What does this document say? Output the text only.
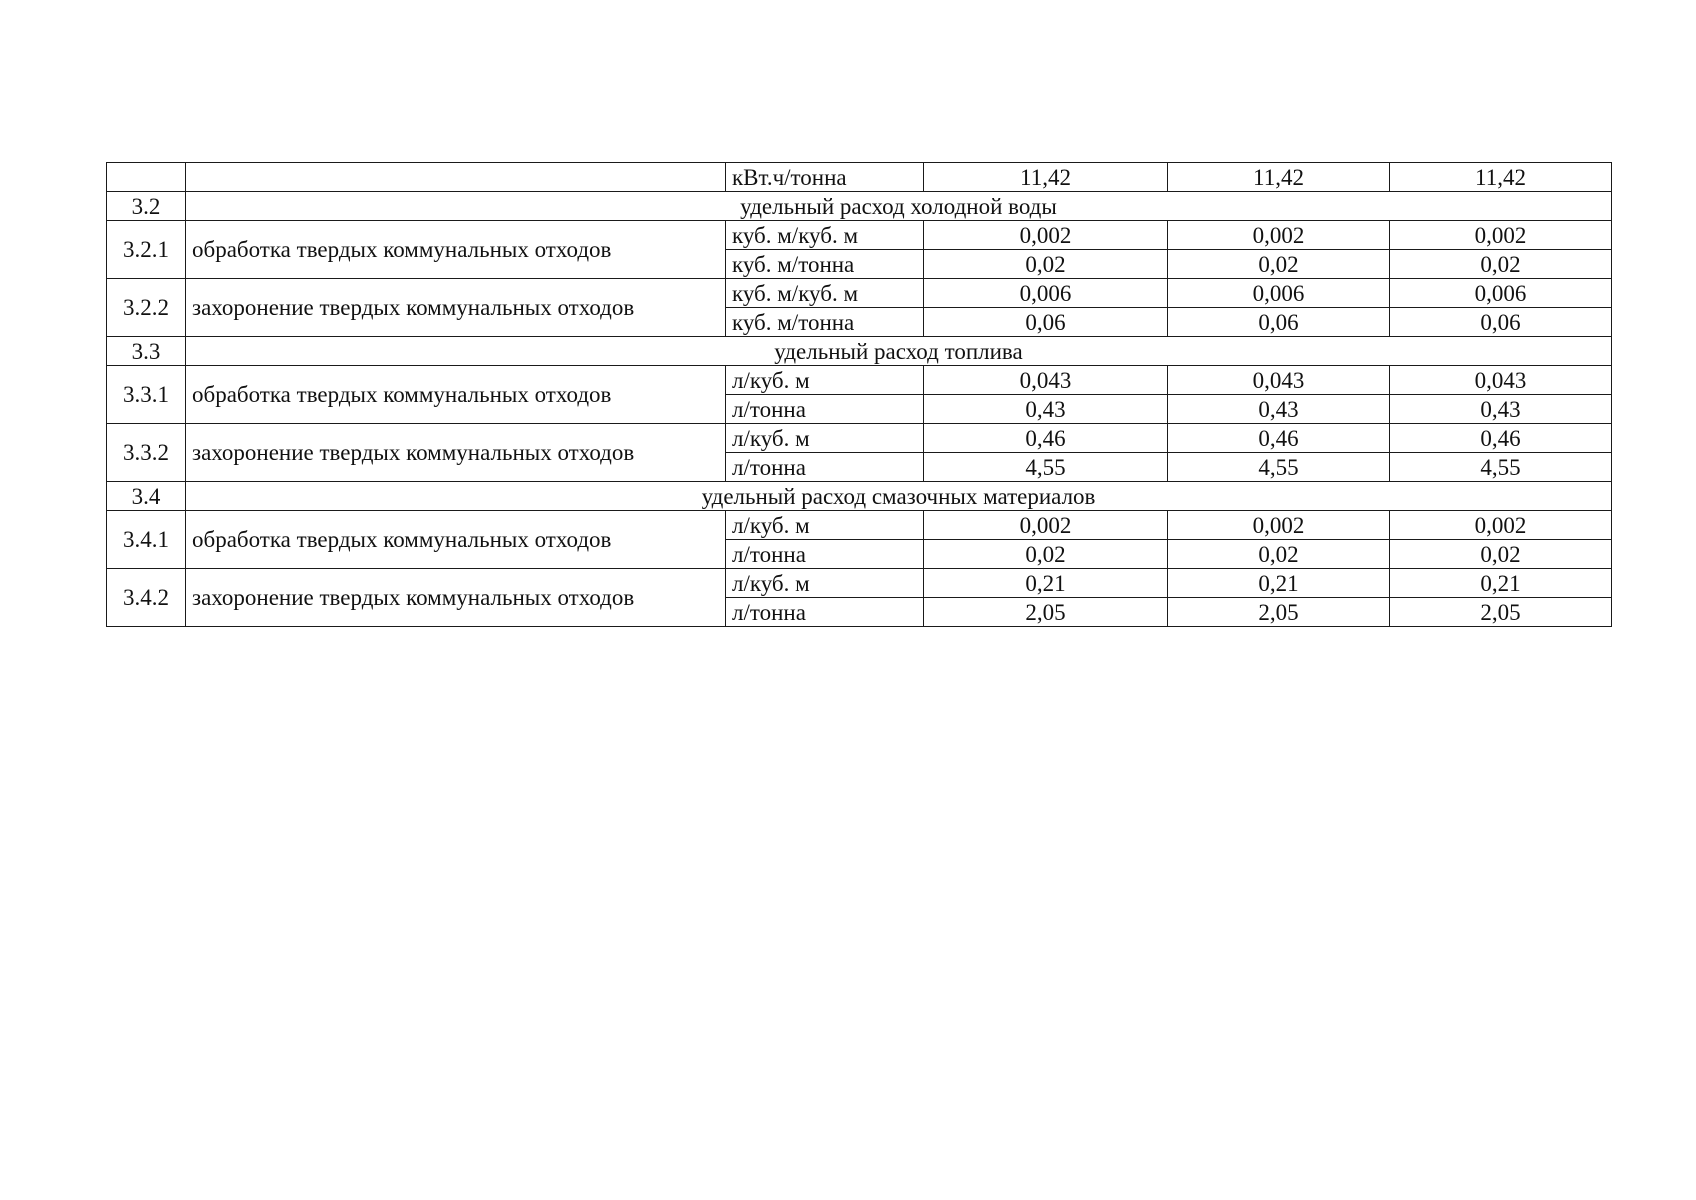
		кВт.ч/тонна	11,42	11,42	11,42
3.2	удельный расход холодной воды				
3.2.1	обработка твердых коммунальных отходов	куб. м/куб. м	0,002	0,002	0,002
		куб. м/тонна	0,02	0,02	0,02
3.2.2	захоронение твердых коммунальных отходов	куб. м/куб. м	0,006	0,006	0,006
		куб. м/тонна	0,06	0,06	0,06
3.3	удельный расход топлива				
3.3.1	обработка твердых коммунальных отходов	л/куб. м	0,043	0,043	0,043
		л/тонна	0,43	0,43	0,43
3.3.2	захоронение твердых коммунальных отходов	л/куб. м	0,46	0,46	0,46
		л/тонна	4,55	4,55	4,55
3.4	удельный расход смазочных материалов				
3.4.1	обработка твердых коммунальных отходов	л/куб. м	0,002	0,002	0,002
		л/тонна	0,02	0,02	0,02
3.4.2	захоронение твердых коммунальных отходов	л/куб. м	0,21	0,21	0,21
		л/тонна	2,05	2,05	2,05
